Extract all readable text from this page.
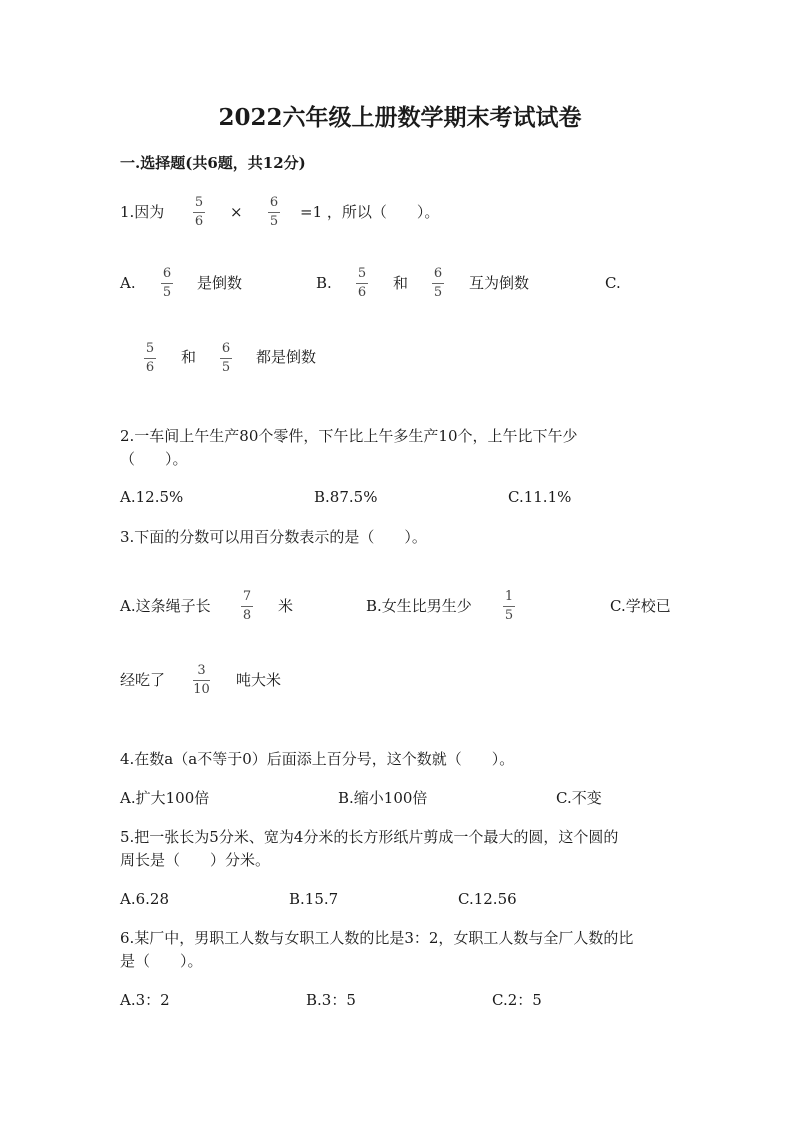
2022六年级上册数学期末考试试卷
一.选择题(共6题，共12分)
1.因为
5
6
×
6
5
=1 ，所以（　　）。
A.
6
5
是倒数	B.
5
6
和
6
5
互为倒数	C.
5
6
和 6
5
都是倒数
2.一车间上午生产80个零件，下午比上午多生产10个，上午比下午少
（　　）。
A.12.5%	B.87.5%	C.11.1%
3.下面的分数可以用百分数表示的是（　　）。
A.这条绳子长
7
8
米	B.女生比男生少
1
5
C.学校已
经吃了
3
10
吨大米
4.在数a（a不等于0）后面添上百分号，这个数就（　　）。
A.扩大100倍	B.缩小100倍	C.不变
5.把一张长为5分米、宽为4分米的长方形纸片剪成一个最大的圆，这个圆的
周长是（　　）分米。
A.6.28	B.15.7	C.12.56
6.某厂中，男职工人数与女职工人数的比是3：2，女职工人数与全厂人数的比
是（　　）。
A.3：2	B.3：5	C.2：5
